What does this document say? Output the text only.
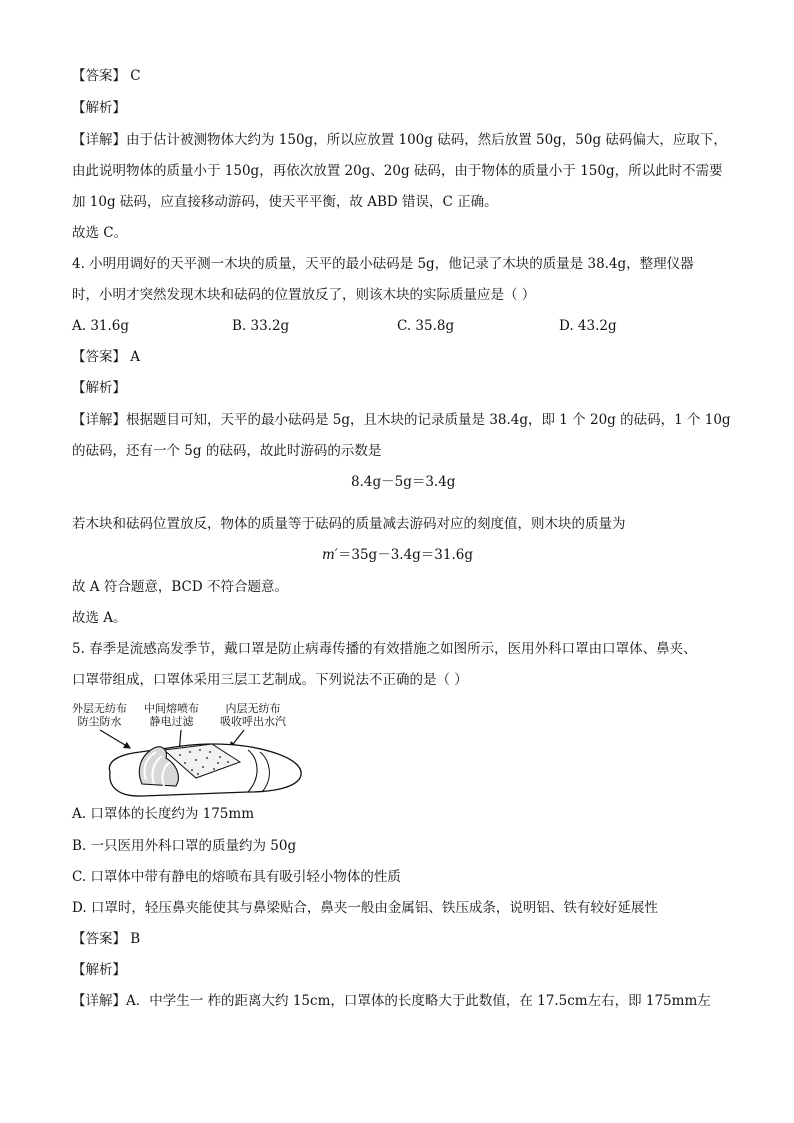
【 答案 】 C
【 解析 】
【 详解 】 由于估计被测物体大约为 150g，所以应放置 100g 砝码，然后放置 50g，50g 砝码偏大，应取下，
由此说明物体的质量小于 150g，再依次放置 20g、20g 砝码，由于物体的质量小于 150g，所以此时不需要
加 10g 砝码，应直接移动游码，使天平平衡，故 ABD 错误，C 正确。
故选 C。
4. 小明用调好的天平测一木块的质量，天平的最小砝码是 5g，他记录了木块的质量是 38.4g，整理仪器
时，小明才突然发现木块和砝码的位置放反了，则该木块的实际质量应是（ ）
A. 31.6g	B. 33.2g	C. 35.8g	D. 43.2g
【 答案 】 A
【 解析 】
【 详解 】 根据题目可知，天平的最小砝码是 5g，且木块的记录质量是 38.4g，即 1 个 20g 的砝码，1 个 10g
的砝码，还有一个 5g 的砝码，故此时游码的示数是
8.4g－5g＝3.4g
若木块和砝码位置放反，物体的质量等于砝码的质量减去游码对应的刻度值，则木块的质量为
m′＝35g－3.4g＝31.6g
故 A 符合题意，BCD 不符合题意。
故选 A。
5. 春季是流感高发季节，戴口罩是防止病毒传播的有效措施之如图所示，医用外科口罩由口罩体、鼻夹、
口罩带组成，口罩体采用三层工艺制成。下列说法不正确的是（ ）
外层无纺布
防尘防水
中间熔喷布
静电过滤
内层无纺布
吸收呼出水汽
A. 口罩体的长度约为 175mm
B. 一只医用外科口罩的质量约为 50g
C. 口罩体中带有静电的熔喷布具有吸引轻小物体的性质
D. 口罩时，轻压鼻夹能使其与鼻梁贴合，鼻夹一般由金属铝、铁压成条，说明铝、铁有较好延展性
【 答案 】 B
【 解析 】
【 详解 】 A．中学生一 柞的距离大约 15cm，口罩体的长度略大于此数值，在 17.5cm左右，即 175mm左
